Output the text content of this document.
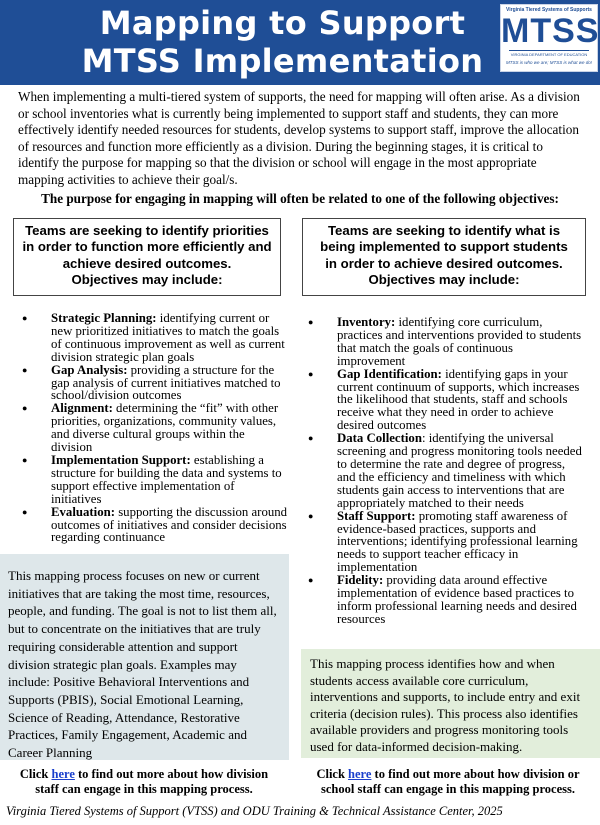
Mapping to Support
MTSS Implementation
Virginia Tiered Systems of Supports
MTSS
VIRGINIA DEPARTMENT OF EDUCATION
MTSS is who we are; MTSS is what we do!
When implementing a multi-tiered system of supports, the need for mapping will often arise. As a division or school inventories what is currently being implemented to support staff and students, they can more effectively identify needed resources for students, develop systems to support staff, improve the allocation of resources and function more efficiently as a division. During the beginning stages, it is critical to identify the purpose for mapping so that the division or school will engage in the most appropriate mapping activities to achieve their goal/s.
The purpose for engaging in mapping will often be related to one of the following objectives:
Teams are seeking to identify priorities
in order to function more efficiently and
achieve desired outcomes.
Objectives may include:
Teams are seeking to identify what is
being implemented to support students
in order to achieve desired outcomes.
Objectives may include:
● Strategic Planning: identifying current or new prioritized initiatives to match the goals of continuous improvement as well as current division strategic plan goals
● Gap Analysis: providing a structure for the gap analysis of current initiatives matched to school/division outcomes
● Alignment: determining the “fit” with other priorities, organizations, community values, and diverse cultural groups within the division
● Implementation Support: establishing a structure for building the data and systems to support effective implementation of initiatives
● Evaluation: supporting the discussion around outcomes of initiatives and consider decisions regarding continuance
● Inventory: identifying core curriculum, practices and interventions provided to students that match the goals of continuous improvement
● Gap Identification: identifying gaps in your current continuum of supports, which increases the likelihood that students, staff and schools receive what they need in order to achieve desired outcomes
● Data Collection: identifying the universal screening and progress monitoring tools needed to determine the rate and degree of progress, and the efficiency and timeliness with which students gain access to interventions that are appropriately matched to their needs
● Staff Support: promoting staff awareness of evidence-based practices, supports and interventions; identifying professional learning needs to support teacher efficacy in implementation
● Fidelity: providing data around effective implementation of evidence based practices to inform professional learning needs and desired resources
This mapping process focuses on new or current initiatives that are taking the most time, resources, people, and funding. The goal is not to list them all, but to concentrate on the initiatives that are truly requiring considerable attention and support division strategic plan goals. Examples may include: Positive Behavioral Interventions and Supports (PBIS), Social Emotional Learning, Science of Reading, Attendance, Restorative Practices, Family Engagement, Academic and Career Planning
This mapping process identifies how and when students access available core curriculum, interventions and supports, to include entry and exit criteria (decision rules). This process also identifies available providers and progress monitoring tools used for data-informed decision-making.
Click here to find out more about how division staff can engage in this mapping process.
Click here to find out more about how division or school staff can engage in this mapping process.
Virginia Tiered Systems of Support (VTSS) and ODU Training & Technical Assistance Center, 2025
